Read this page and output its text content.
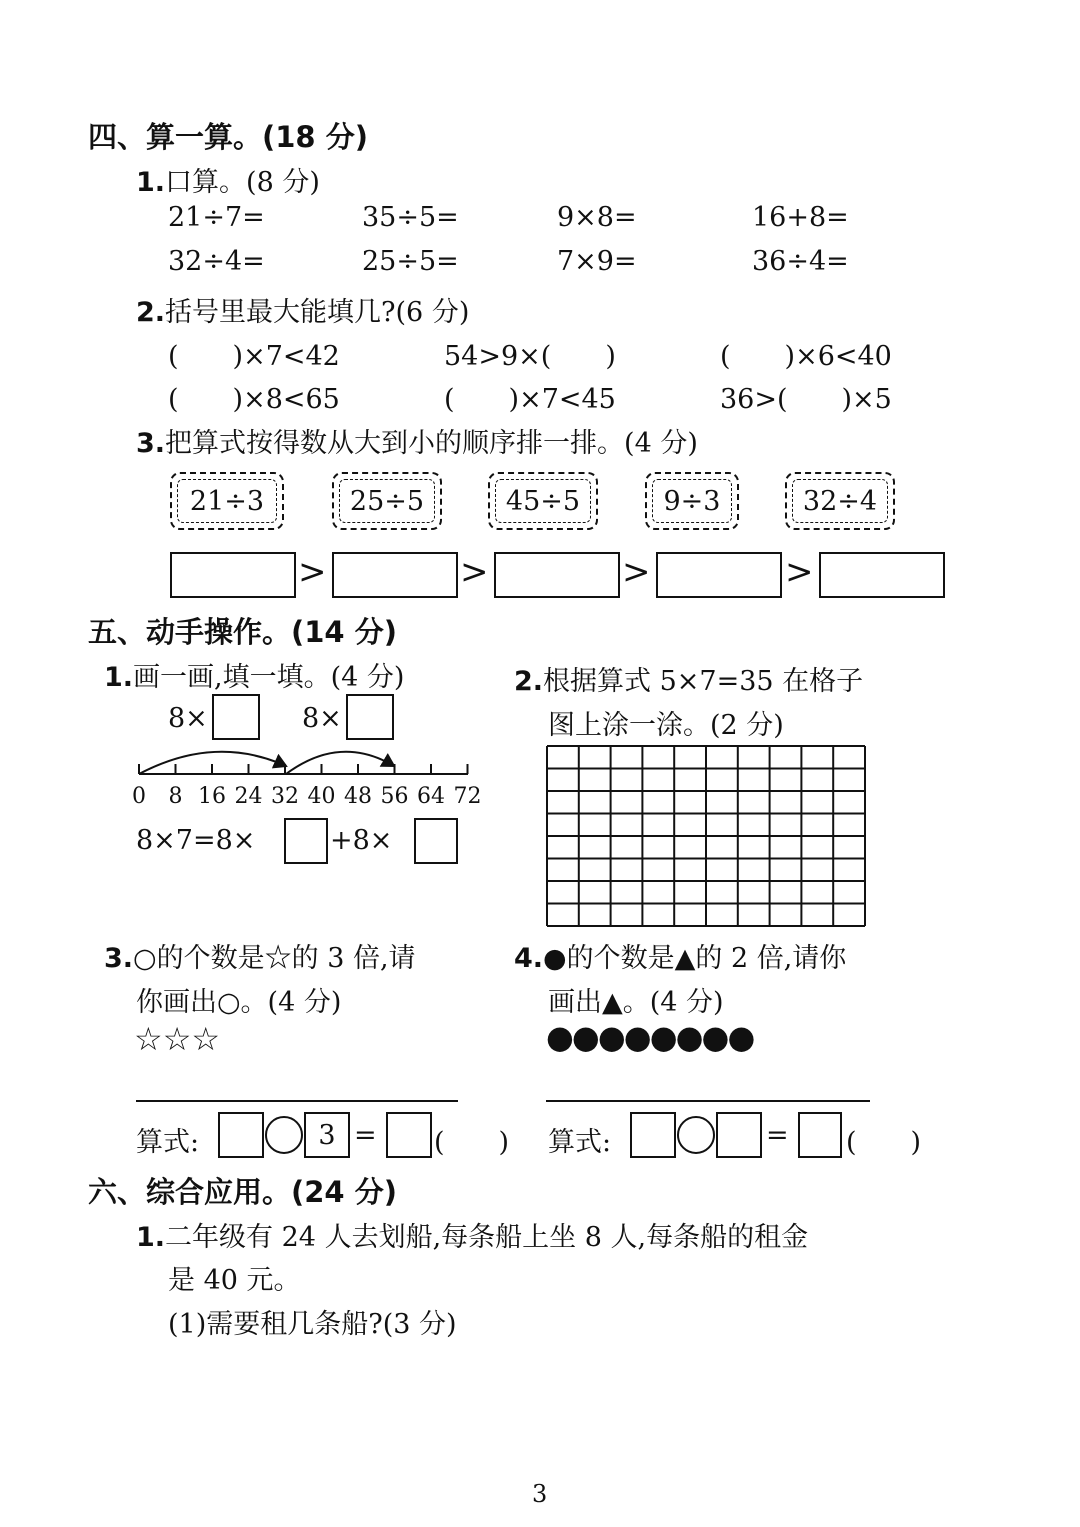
四、算一算。(18 分)
1.口算。(8 分)
21÷7=	35÷5=	9×8=	16+8=
32÷4=	25÷5=	7×9=	36÷4=
2.括号里最大能填几?(6 分)
(　　)×7<42	54>9×(　　)	(　　)×6<40
(　　)×8<65	(　　)×7<45	36>(　　)×5
3.把算式按得数从大到小的顺序排一排。(4 分)
21÷3	25÷5	45÷5	9÷3	32÷4
>	>	>	>
五、动手操作。(14 分)
1.画一画,填一填。(4 分)
8×	8×
0	8 16 24 32 40 48 56 64 72
8×7=8×	+8×
2.根据算式 5×7=35 在格子
图上涂一涂。(2 分)
3.○的个数是☆的 3 倍,请
你画出○。(4 分)
☆☆☆
算式:	3 = (　　)
4.●的个数是▲的 2 倍,请你
画出▲。(4 分)
●●●●●●●●
算式:	= (　　)
六、综合应用。(24 分)
1.二年级有 24 人去划船,每条船上坐 8 人,每条船的租金
是 40 元。
(1)需要租几条船?(3 分)
3
